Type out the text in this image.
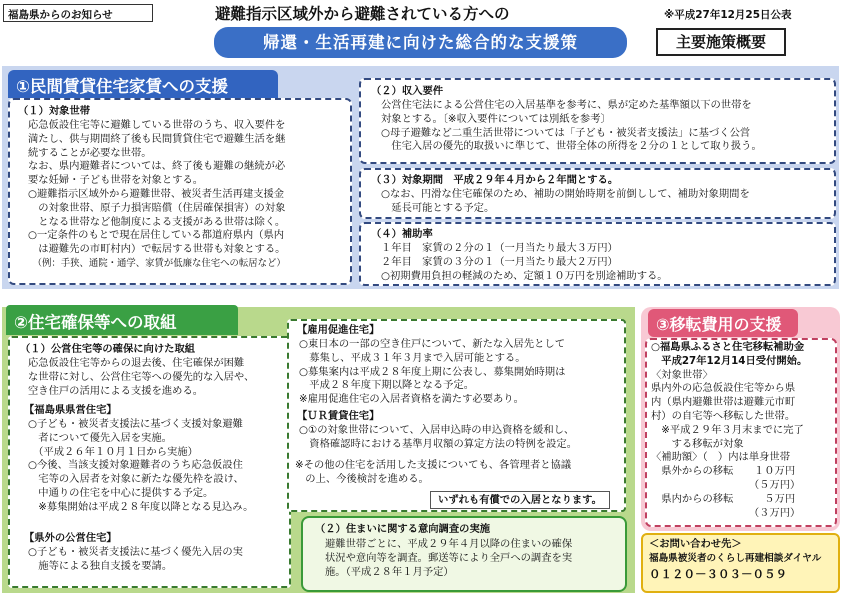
福島県からのお知らせ	避難指示区域外から避難されている方への
帰還・生活再建に向けた総合的な支援策
※平成27年12月25日公表
主要施策概要
①民間賃貸住宅家賃への支援
（１）対象世帯
応急仮設住宅等に避難している世帯のうち、収入要件を
満たし、供与期間終了後も民間賃貸住宅で避難生活を継
続することが必要な世帯。
なお、県内避難者については、終了後も避難の継続が必
要な妊婦・子ども世帯を対象とする。
○避難指示区域外から避難世帯、被災者生活再建支援金
　の対象世帯、原子力損害賠償（住居確保損害）の対象
　となる世帯など他制度による支援がある世帯は除く。
○一定条件のもとで現在居住している都道府県内（県内
　は避難先の市町村内）で転居する世帯も対象とする。
　（例：手狭、通院・通学、家賃が低廉な住宅への転居など）
（２）収入要件
公営住宅法による公営住宅の入居基準を参考に、県が定めた基準額以下の世帯を
対象とする。〔※収入要件については別紙を参考〕
○母子避難など二重生活世帯については「子ども・被災者支援法」に基づく公営
　住宅入居の優先的取扱いに準じて、世帯全体の所得を２分の１として取り扱う。
（３）対象期間　平成２９年４月から２年間とする。
○なお、円滑な住宅確保のため、補助の開始時期を前倒しして、補助対象期間を
　延長可能とする予定。
（４）補助率
１年目　家賃の２分の１（一月当たり最大３万円）
２年目　家賃の３分の１（一月当たり最大２万円）
○初期費用負担の軽減のため、定額１０万円を別途補助する。
②住宅確保等への取組
（１）公営住宅等の確保に向けた取組
応急仮設住宅等からの退去後、住宅確保が困難
な世帯に対し、公営住宅等への優先的な入居や、
空き住戸の活用による支援を進める。
【福島県県営住宅】
○子ども・被災者支援法に基づく支援対象避難
　者について優先入居を実施。
　（平成２６年１０月１日から実施）
○今後、当該支援対象避難者のうち応急仮設住
　宅等の入居者を対象に新たな優先枠を設け、
　中通りの住宅を中心に提供する予定。
　※募集開始は平成２８年度以降となる見込み。
【県外の公営住宅】
○子ども・被災者支援法に基づく優先入居の実
　施等による独自支援を要請。
【雇用促進住宅】
○東日本の一部の空き住戸について、新たな入居先として
　募集し、平成３１年３月まで入居可能とする。
○募集案内は平成２８年度上期に公表し、募集開始時期は
　平成２８年度下期以降となる予定。
※雇用促進住宅の入居者資格を満たす必要あり。
【ＵＲ賃貸住宅】
○①の対象世帯について、入居申込時の申込資格を緩和し、
　資格確認時における基準月収額の算定方法の特例を設定。
※その他の住宅を活用した支援についても、各管理者と協議
　の上、今後検討を進める。
いずれも有償での入居となります。
（２）住まいに関する意向調査の実施
避難世帯ごとに、平成２９年４月以降の住まいの確保
状況や意向等を調査。郵送等により全戸への調査を実
施。（平成２８年１月予定）
③移転費用の支援
○福島県ふるさと住宅移転補助金
　平成27年12月14日受付開始。
〈対象世帯〉
県内外の応急仮設住宅等から県
内（県内避難世帯は避難元市町
村）の自宅等へ移転した世帯。
　※平成２９年３月末までに完了
　　する移転が対象
〈補助額〉（　）内は単身世帯
　県外からの移転　　１０万円
　　　　　　　　　　（５万円）
　県内からの移転　　　５万円
　　　　　　　　　　（３万円）
＜お問い合わせ先＞
福島県被災者のくらし再建相談ダイヤル
０１２０－３０３－０５９
